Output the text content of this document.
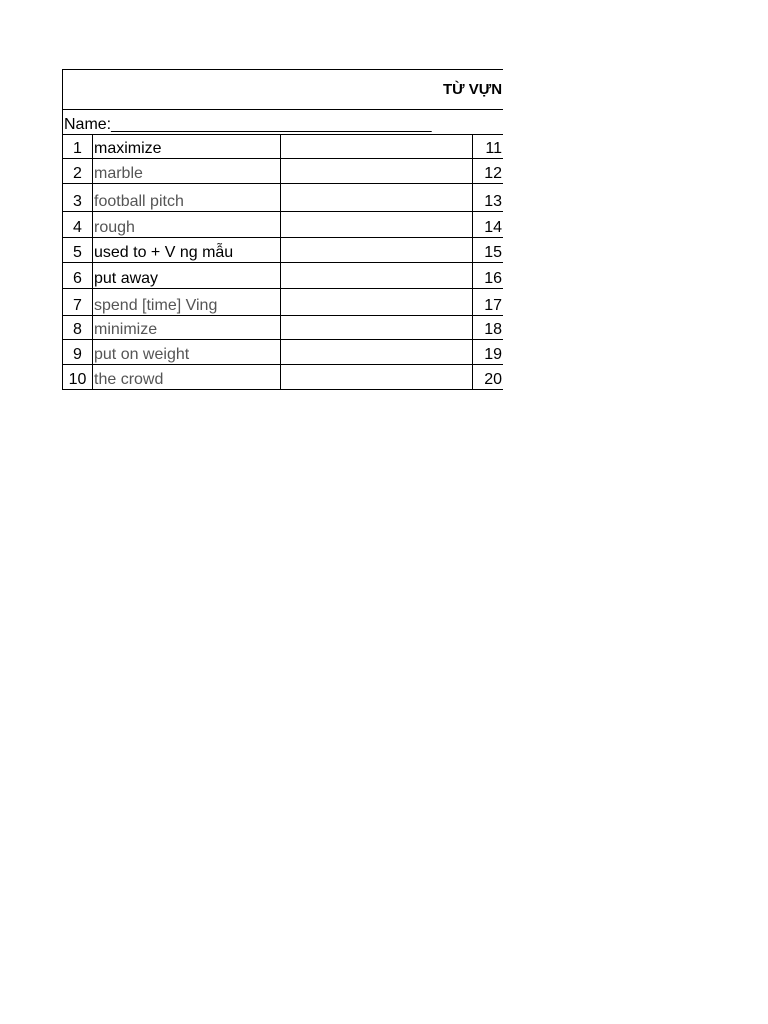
TỪ VỰN				
Name:____________________________________				
1	maximize		11	
2	marble		12	
3	football pitch		13	
4	rough		14	
5	used to + V ng mẫu		15	
6	put away		16	
7	spend [time] Ving		17	
8	minimize		18	
9	put on weight		19	
10	the crowd		20	
